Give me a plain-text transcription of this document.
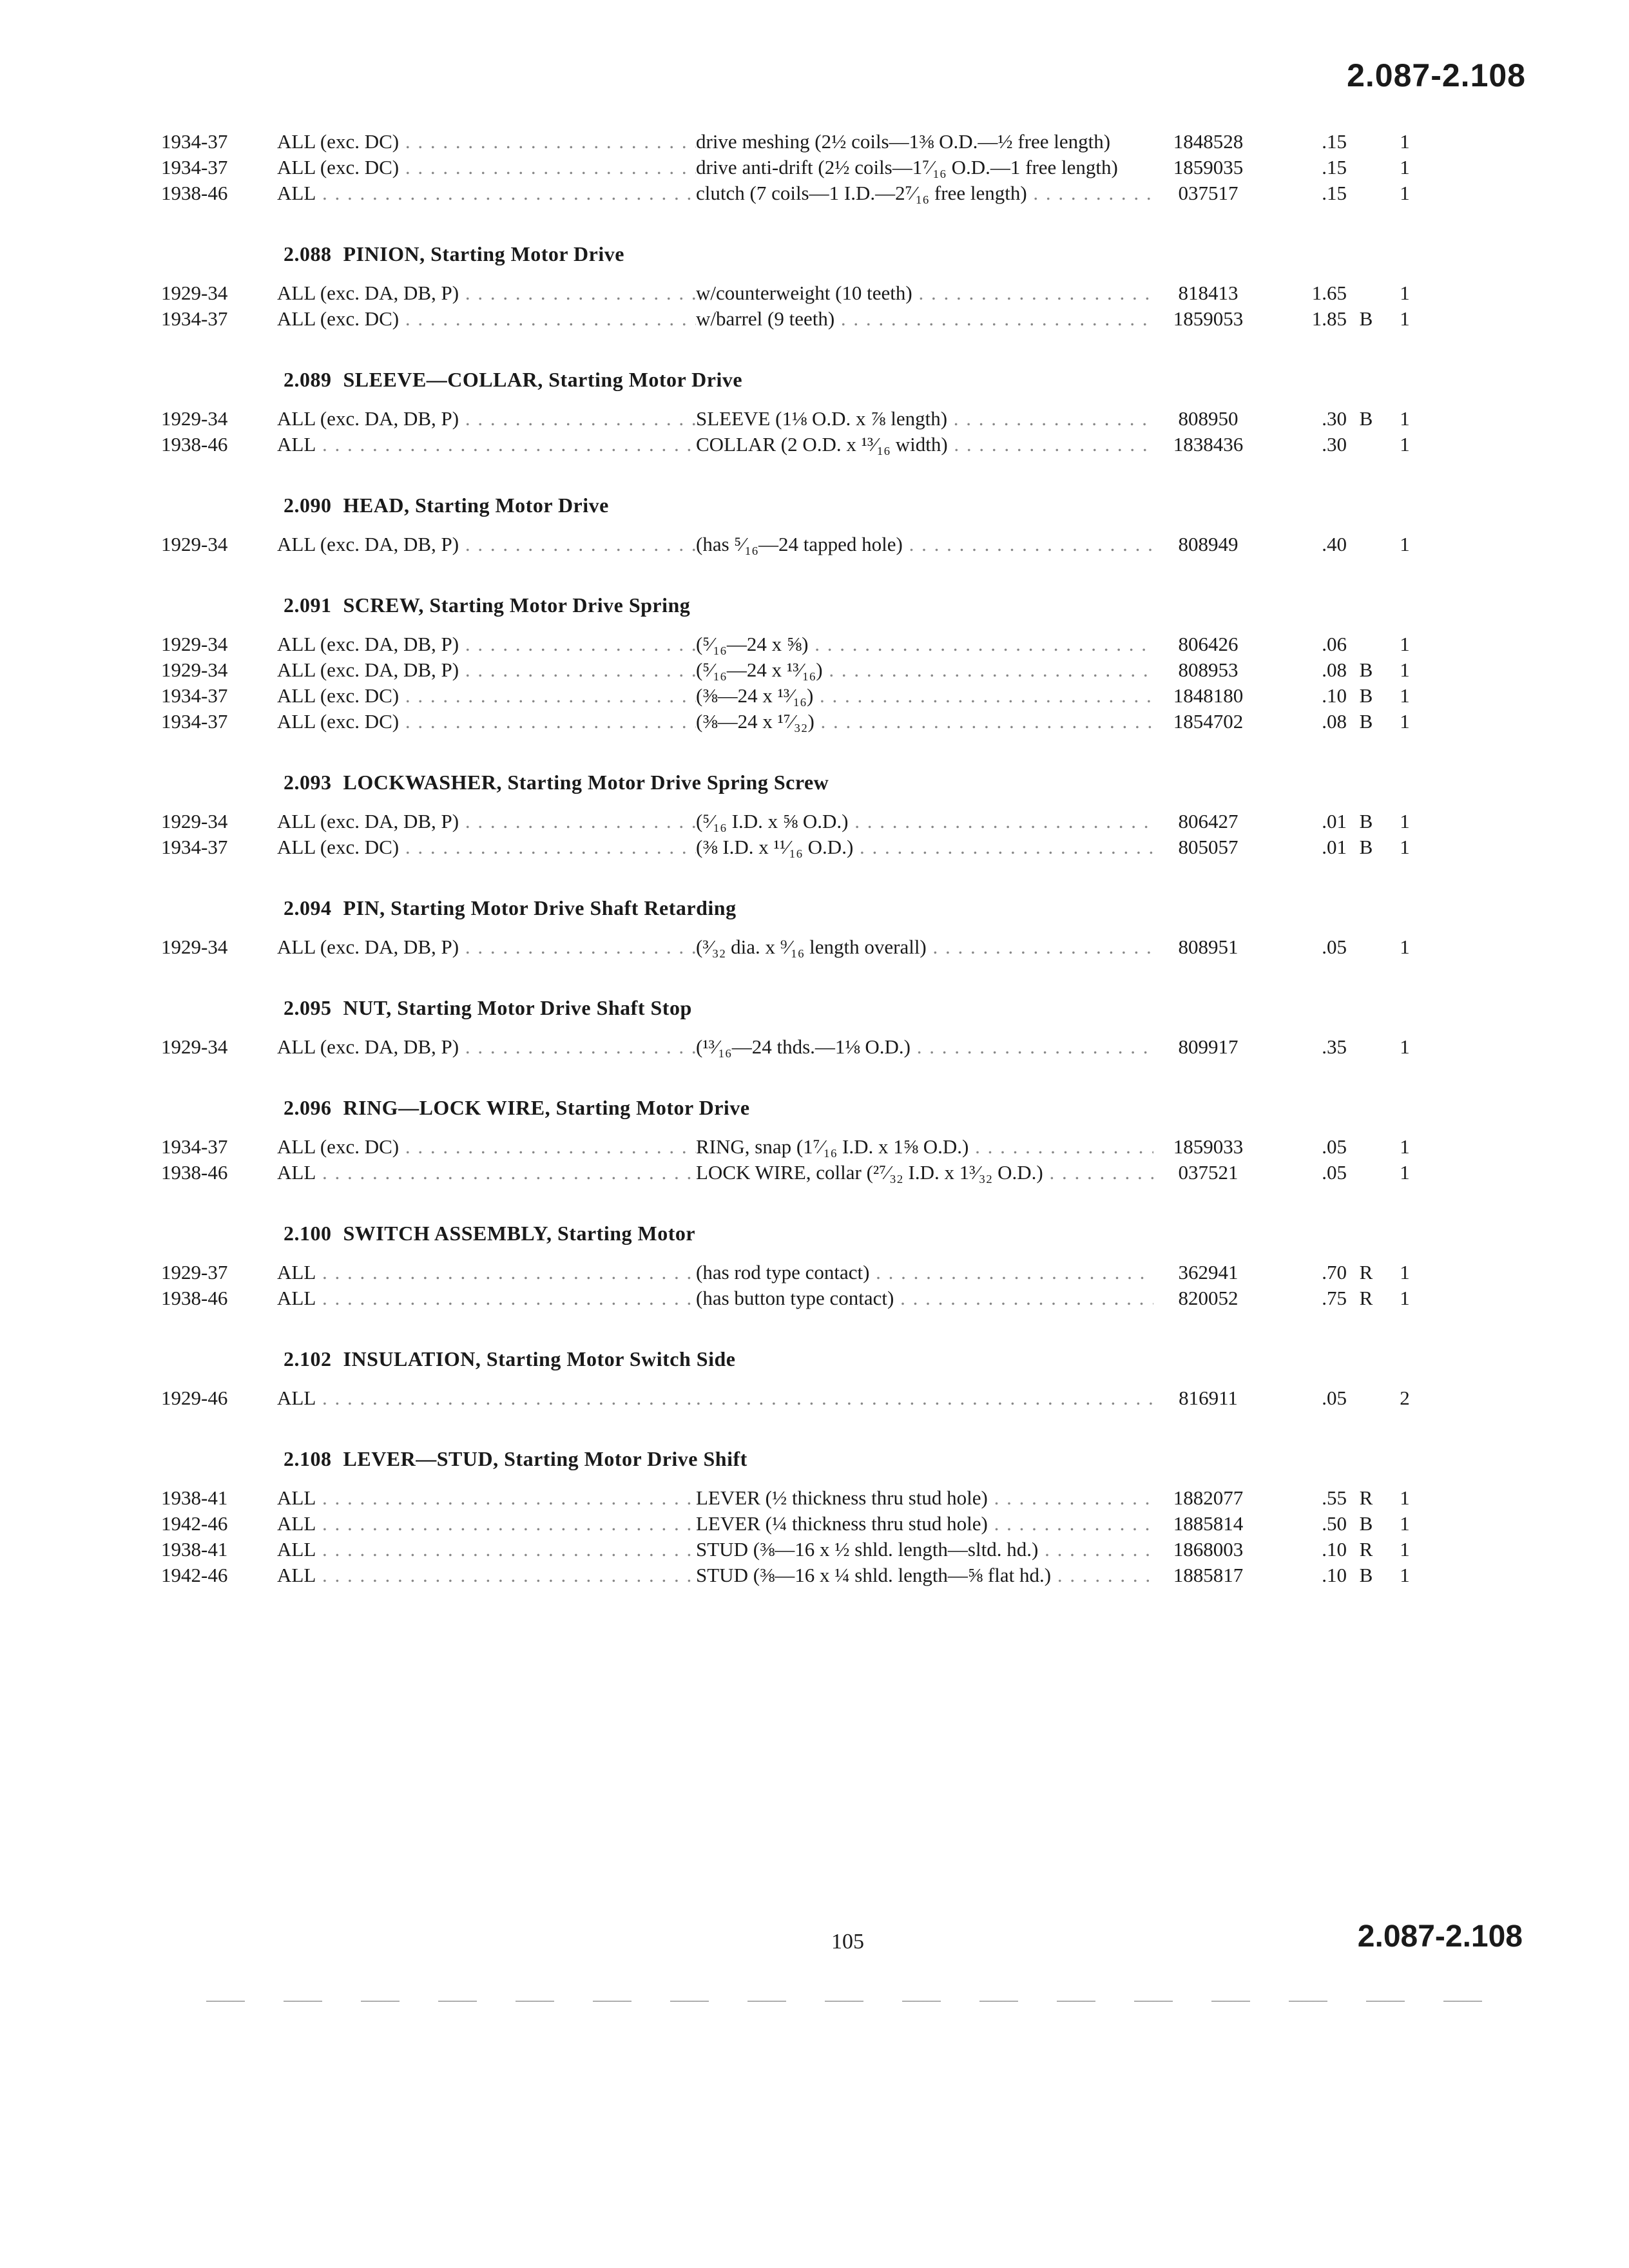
2.087-2.108
1934-37	ALL (exc. DC) . . .	drive meshing (2½ coils—1⅜ O.D.—½ free length)	1848528	.15	1
1934-37	ALL (exc. DC) . . .	drive anti-drift (2½ coils—1⁷⁄₁₆ O.D.—1 free length)	1859035	.15	1
1938-46	ALL . . .	clutch (7 coils—1 I.D.—2⁷⁄₁₆ free length) . . .	037517	.15	1
2.088 PINION, Starting Motor Drive
1929-34	ALL (exc. DA, DB, P) . . .	w/counterweight (10 teeth) . . .	818413	1.65	1
1934-37	ALL (exc. DC) . . .	w/barrel (9 teeth) . . .	1859053	1.85 B	1
2.089 SLEEVE—COLLAR, Starting Motor Drive
1929-34	ALL (exc. DA, DB, P) . . .	SLEEVE (1⅛ O.D. x ⅞ length) . . .	808950	.30 B	1
1938-46	ALL . . .	COLLAR (2 O.D. x ¹³⁄₁₆ width) . . .	1838436	.30	1
2.090 HEAD, Starting Motor Drive
1929-34	ALL (exc. DA, DB, P) . . .	(has ⁵⁄₁₆—24 tapped hole) . . .	808949	.40	1
2.091 SCREW, Starting Motor Drive Spring
1929-34	ALL (exc. DA, DB, P) . . .	(⁵⁄₁₆—24 x ⅝) . . .	806426	.06	1
1929-34	ALL (exc. DA, DB, P) . . .	(⁵⁄₁₆—24 x ¹³⁄₁₆) . . .	808953	.08 B	1
1934-37	ALL (exc. DC) . . .	(⅜—24 x ¹³⁄₁₆) . . .	1848180	.10 B	1
1934-37	ALL (exc. DC) . . .	(⅜—24 x ¹⁷⁄₃₂) . . .	1854702	.08 B	1
2.093 LOCKWASHER, Starting Motor Drive Spring Screw
1929-34	ALL (exc. DA, DB, P) . . .	(⁵⁄₁₆ I.D. x ⅝ O.D.) . . .	806427	.01 B	1
1934-37	ALL (exc. DC) . . .	(⅜ I.D. x ¹¹⁄₁₆ O.D.) . . .	805057	.01 B	1
2.094 PIN, Starting Motor Drive Shaft Retarding
1929-34	ALL (exc. DA, DB, P) . . .	(³⁄₃₂ dia. x ⁹⁄₁₆ length overall) . . .	808951	.05	1
2.095 NUT, Starting Motor Drive Shaft Stop
1929-34	ALL (exc. DA, DB, P) . . .	(¹³⁄₁₆—24 thds.—1⅛ O.D.) . . .	809917	.35	1
2.096 RING—LOCK WIRE, Starting Motor Drive
1934-37	ALL (exc. DC) . . .	RING, snap (1⁷⁄₁₆ I.D. x 1⅝ O.D.) . . .	1859033	.05	1
1938-46	ALL . . .	LOCK WIRE, collar (²⁷⁄₃₂ I.D. x 1³⁄₃₂ O.D.) . . .	037521	.05	1
2.100 SWITCH ASSEMBLY, Starting Motor
1929-37	ALL . . .	(has rod type contact) . . .	362941	.70 R	1
1938-46	ALL . . .	(has button type contact) . . .	820052	.75 R	1
2.102 INSULATION, Starting Motor Switch Side
1929-46	ALL . . .
. . .	816911	.05	2
2.108 LEVER—STUD, Starting Motor Drive Shift
1938-41	ALL . . .	LEVER (½ thickness thru stud hole) . . .	1882077	.55 R	1
1942-46	ALL . . .	LEVER (¼ thickness thru stud hole) . . .	1885814	.50 B	1
1938-41	ALL . . .	STUD (⅜—16 x ½ shld. length—sltd. hd.) . . .	1868003	.10 R	1
1942-46	ALL . . .	STUD (⅜—16 x ¼ shld. length—⅝ flat hd.) . . .	1885817	.10 B	1
105	2.087-2.108
